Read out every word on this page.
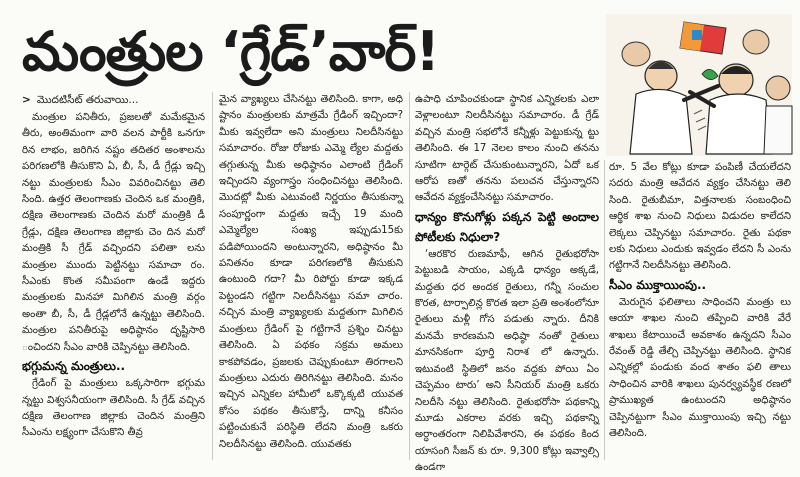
మంత్రుల ‘గ్రేడ్’వార్!
> మొదటిసీట్ తరువాయి...

మంత్రుల పనితీరు, ప్రజలతో మమేకమైన తీరు, అంతిమంగా వారి వలన పార్టీకి ఒనగూ రిన లాభం, జరిగిన నష్టం తదితర అంశాలను పరిగణలోకి తీసుకొని ఏ, బీ, సీ, డీ గ్రేడ్లు ఇచ్చి నట్టు మంత్రులకు సీఎం వివరించినట్టు తెలి సింది. ఉత్తర తెలంగాణకు చెందిన ఒక మంత్రికి, దక్షిణ తెలంగాణకు చెందిన మరో మంత్రికి డీ గ్రేడ్లు, దక్షిణ తెలంగాణ జిల్లాకు చెం దిన మరో మంత్రికి సీ గ్రేడ్ వచ్చిందని పలితా లను మంత్రుల ముందు పెట్టినట్టు సమాచా రం. సీఎంకు కొంత సమీపంగా ఉండే ఇద్దరు మంత్రులకు మినహా మిగిలిన మంత్రి వర్గం అంతా బీ, సీ, డీ గ్రేడ్లలోనే ఉన్నట్టు తెలిసింది. మంత్రుల పనితీరుపై అధిష్ఠానం దృష్టిసారి ంచిందని సీఎం వారికి చెప్పినట్టు తెలిసింది.

భగ్గుమన్న మంత్రులు..

గ్రేడింగ్ పై మంత్రులు ఒక్కసారిగా భగ్గుమ న్నట్టు విశ్వసనీయంగా తెలిసింది. సీ గ్రేడ్ వచ్చిన దక్షిణ తెలంగాణ జిల్లాకు చెందిన మంత్రిని సీఎంను లక్ష్యంగా చేసుకొని తీవ్ర

మైన వ్యాఖ్యలు చేసినట్టు తెలిసింది. కాగా, అధి ష్టానం మంత్రులకు మాత్రమే గ్రేడింగ్ ఇచ్చిందా? మీకు ఇవ్వలేదా అని మంత్రులు నిలదీసినట్టు సమాచారం. రోజు రోజుకు ఎమ్మె ల్యేల మద్దతు తగ్గుతున్న మీకు అధిష్ఠానం ఎలాంటి గ్రేడింగ్ ఇచ్చిందని వ్యంగాస్త్రం సంధించినట్టు తెలిసింది. మొదట్లో మీకు ఎటువంటి నిర్ణయం తీసుకున్నా సంపూర్ణంగా మద్దతు ఇచ్చే 19 మంది ఎమ్మెల్యేల సంఖ్య ఇప్పుడు15కు పడిపోయిందని అంటున్నారని, అధిష్ఠానం మీ పనితనం కూడా పరిగణలోకి తీసుకుని ఉంటుంది గదా? మీ రిపోర్టు కూడా ఇక్కడ పెట్టండని గట్టిగా నిలదీసినట్టు సమా చారం. నచ్చిన మంత్రి వ్యాఖ్యలకు మద్దతుగా మిగిలిన మంత్రులు గ్రేడింగ్ పై గట్టిగానే ప్రశ్నిం చినట్టు తెలిసింది. ఏ పథకం సక్రమ అమలు కాకపోవడం, ప్రజలకు చెప్పుకుంటూ తిరగాలని మంత్రులు ఎదురు తిరిగినట్టు తెలిసింది. మనం ఇచ్చిన ఎన్నికల హామీలో ఒక్కొక్కటి యువత కోసం పథకం తీసుకొస్తే, దాన్ని కనీసం పట్టించుకునే పరిస్థితి లేదని మంత్రి ఒకరు నిలదీసినట్టు తెలిసింది. యువతకు

ఉపాధి చూపించకుండా స్థానిక ఎన్నికలకు ఎలా వెళ్లాలంటూ నిలదీసినట్టు సమాచారం. డీ గ్రేడ్ వచ్చిన మంత్రి సభలోనే కన్నీళ్లు పెట్టుకున్న ట్టు తెలిసింది. ఈ 17 నెలల కాలం నుంచి తనను సూటిగా టార్గెట్ చేసుకుంటున్నారని, ఏదో ఒక ఆరోప ణతో తనను పలుచన చేస్తున్నారని ఆవేదన వ్యక్తంచేసినట్టు సమాచారం.

ధాన్యం కొనుగోళ్లు పక్కన పెట్టి అందాల పోటీలకు నిధులా?

‘ఆరకొర రుణమాఫీ, ఆగిన రైతుభరోసా పెట్టుబడి సాయం, ఎక్కడి ధాన్యం అక్కడే, మద్దతు ధర అందక రైతులు, గన్నీ సంచుల కొరత, టార్పాలిన్ల కొరత ఇలా ప్రతి అంశంలోనూ రైతులు మళ్లీ గోస పడుతు న్నారు. దీనికి మనమే కారణమని అధిష్ఠా నంతో రైతులు మానసికంగా పూర్తి నిరాశ లో ఉన్నారు. ఇటువంటి స్థితిలో జనం వద్దకు పోయి ఏం చెప్పమం టారు’ అని సీనియర్ మంత్రి ఒకరు నిలదీసి నట్టు తెలిసింది. రైతుభరోసా పథకాన్ని మూడు ఎకరాల వరకు ఇచ్చి పథకాన్ని అర్ధాంతరంగా నిలిపివేశారని, ఈ పథకం కింద యాసంగి సీజన్ కు రూ. 9,300 కోట్లు ఇవ్వాల్సి ఉండగా

రూ. 5 వేల కోట్లు కూడా పంపిణీ చేయలేదని సదరు మంత్రి ఆవేదన వ్యక్తం చేసినట్టు తెలి సింది. రైతుబీమా, విత్తనాలకు సంబంధించి ఆర్థిక శాఖ నుంచి నిధులు విడుదల కాలేదని లెక్కలు చెప్పినట్టు సమాచారం. రైతు పథకా లకు నిధులు ఎందుకు ఇవ్వడం లేదని సీ ఎంను గట్టిగానే నిలదీసినట్టు తెలిసింది.

సీఎం ముక్తాయింపు..

మెరుగైన ఫలితాలు సాధించని మంత్రు లు ఆయా శాఖల నుంచి తప్పించి వారికి వేరే శాఖలు కేటాయించే అవకాశం ఉన్నదని సీఎం రేవంత్ రెడ్డి తేల్చి చెప్పినట్టు తెలిసింది. స్థానిక ఎన్నికల్లో పండుకు వంద శాతం ఫలి తాలు సాధించిన వారికి శాఖలు పునర్వ్యవస్థీక రణలో ప్రాముఖ్యత ఉంటుందని అధిష్ఠానం చెప్పినట్టుగా సీఎం ముక్తాయింపు ఇచ్చి నట్టు తెలిసింది.
